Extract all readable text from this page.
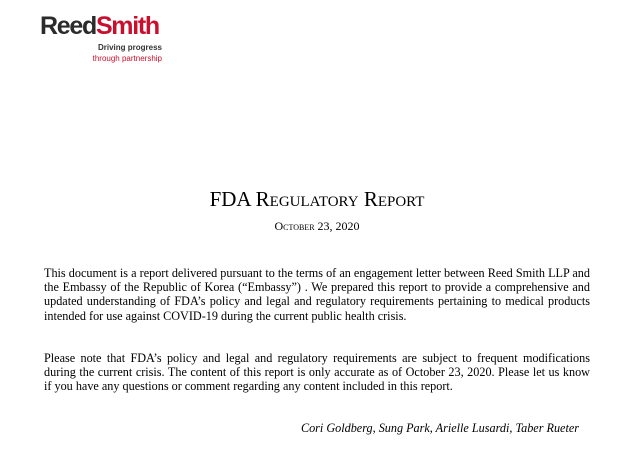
ReedSmith
Driving progress
through partnership
FDA Regulatory Report
October 23, 2020

This document is a report delivered pursuant to the terms of an engagement letter between Reed Smith LLP and the Embassy of the Republic of Korea (“Embassy”) . We prepared this report to provide a comprehensive and updated understanding of FDA’s policy and legal and regulatory requirements pertaining to medical products intended for use against COVID-19 during the current public health crisis.

Please note that FDA’s policy and legal and regulatory requirements are subject to frequent modifications during the current crisis. The content of this report is only accurate as of October 23, 2020. Please let us know if you have any questions or comment regarding any content included in this report.

Cori Goldberg, Sung Park, Arielle Lusardi, Taber Rueter
